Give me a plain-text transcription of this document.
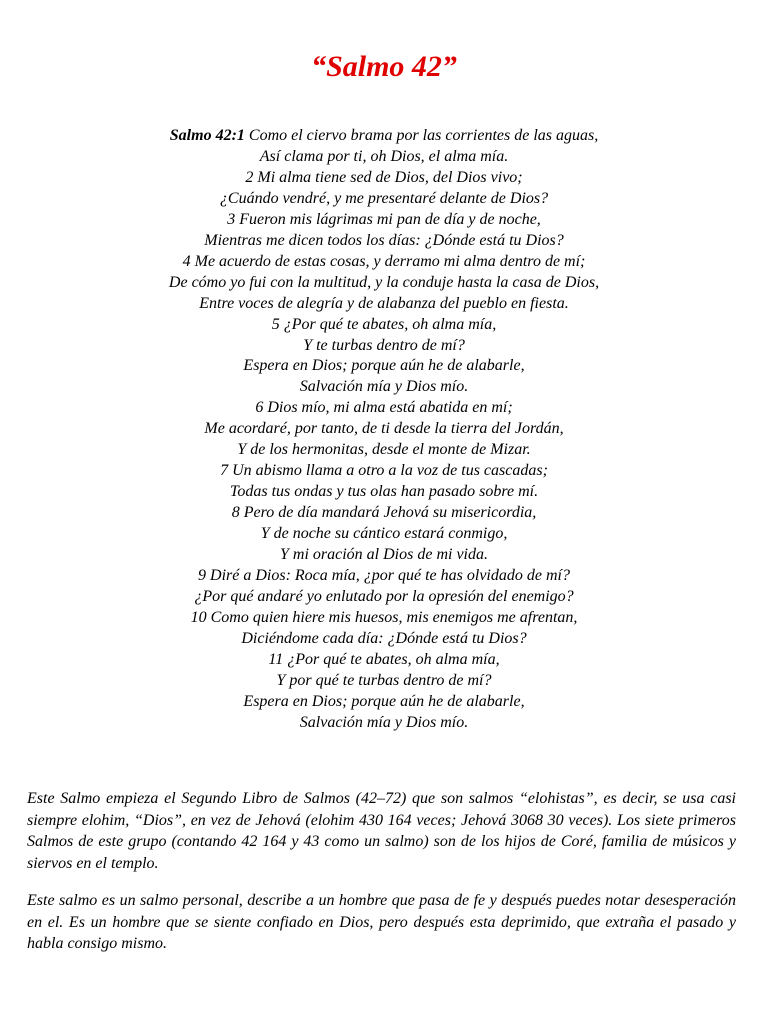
“Salmo 42”
Salmo 42:1 Como el ciervo brama por las corrientes de las aguas,
Así clama por ti, oh Dios, el alma mía.
2 Mi alma tiene sed de Dios, del Dios vivo;
¿Cuándo vendré, y me presentaré delante de Dios?
3 Fueron mis lágrimas mi pan de día y de noche,
Mientras me dicen todos los días: ¿Dónde está tu Dios?
4 Me acuerdo de estas cosas, y derramo mi alma dentro de mí;
De cómo yo fui con la multitud, y la conduje hasta la casa de Dios,
Entre voces de alegría y de alabanza del pueblo en fiesta.
5 ¿Por qué te abates, oh alma mía,
Y te turbas dentro de mí?
Espera en Dios; porque aún he de alabarle,
Salvación mía y Dios mío.
6 Dios mío, mi alma está abatida en mí;
Me acordaré, por tanto, de ti desde la tierra del Jordán,
Y de los hermonitas, desde el monte de Mizar.
7 Un abismo llama a otro a la voz de tus cascadas;
Todas tus ondas y tus olas han pasado sobre mí.
8 Pero de día mandará Jehová su misericordia,
Y de noche su cántico estará conmigo,
Y mi oración al Dios de mi vida.
9 Diré a Dios: Roca mía, ¿por qué te has olvidado de mí?
¿Por qué andaré yo enlutado por la opresión del enemigo?
10 Como quien hiere mis huesos, mis enemigos me afrentan,
Diciéndome cada día: ¿Dónde está tu Dios?
11 ¿Por qué te abates, oh alma mía,
Y por qué te turbas dentro de mí?
Espera en Dios; porque aún he de alabarle,
Salvación mía y Dios mío.

Este Salmo empieza el Segundo Libro de Salmos (42–72) que son salmos “elohistas”, es decir, se usa casi siempre elohim, “Dios”, en vez de Jehová (elohim 430 164 veces; Jehová 3068 30 veces). Los siete primeros Salmos de este grupo (contando 42 164 y 43 como un salmo) son de los hijos de Coré, familia de músicos y siervos en el templo.

Este salmo es un salmo personal, describe a un hombre que pasa de fe y después puedes notar desesperación en el. Es un hombre que se siente confiado en Dios, pero después esta deprimido, que extraña el pasado y habla consigo mismo.
